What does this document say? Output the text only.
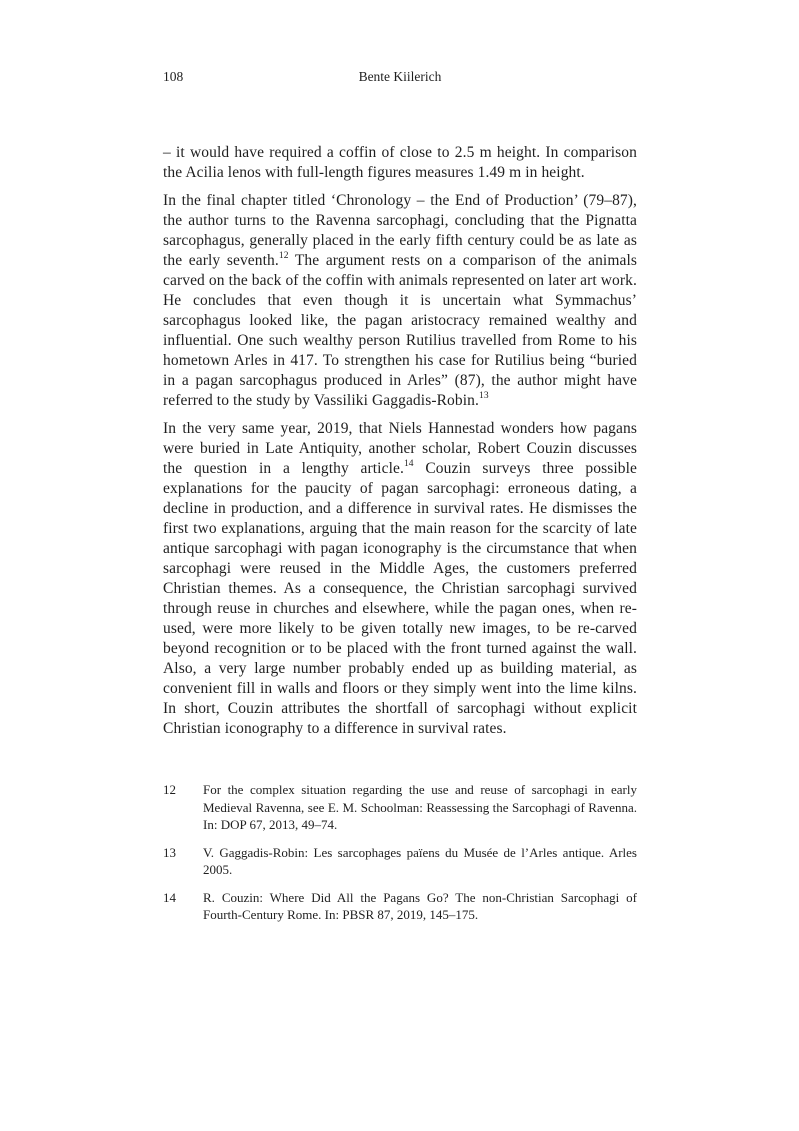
108	Bente Kiilerich

– it would have required a coffin of close to 2.5 m height. In comparison the Acilia lenos with full-length figures measures 1.49 m in height.

In the final chapter titled ‘Chronology – the End of Production’ (79–87), the author turns to the Ravenna sarcophagi, concluding that the Pignatta sarcophagus, generally placed in the early fifth century could be as late as the early seventh.$^{12}$ The argument rests on a comparison of the animals carved on the back of the coffin with animals represented on later art work. He concludes that even though it is uncertain what Symmachus’ sarcophagus looked like, the pagan aristocracy remained wealthy and influential. One such wealthy person Rutilius travelled from Rome to his hometown Arles in 417. To strengthen his case for Rutilius being “buried in a pagan sarcophagus produced in Arles” (87), the author might have referred to the study by Vassiliki Gaggadis-Robin.$^{13}$

In the very same year, 2019, that Niels Hannestad wonders how pagans were buried in Late Antiquity, another scholar, Robert Couzin discusses the question in a lengthy article.$^{14}$ Couzin surveys three possible explanations for the paucity of pagan sarcophagi: erroneous dating, a decline in production, and a difference in survival rates. He dismisses the first two explanations, arguing that the main reason for the scarcity of late antique sarcophagi with pagan iconography is the circumstance that when sarcophagi were reused in the Middle Ages, the customers preferred Christian themes. As a consequence, the Christian sarcophagi survived through reuse in churches and elsewhere, while the pagan ones, when re-used, were more likely to be given totally new images, to be re-carved beyond recognition or to be placed with the front turned against the wall. Also, a very large number probably ended up as building material, as convenient fill in walls and floors or they simply went into the lime kilns. In short, Couzin attributes the shortfall of sarcophagi without explicit Christian iconography to a difference in survival rates.

12	For the complex situation regarding the use and reuse of sarcophagi in early Medieval Ravenna, see E. M. Schoolman: Reassessing the Sarcophagi of Ravenna. In: DOP 67, 2013, 49–74.
13	V. Gaggadis-Robin: Les sarcophages païens du Musée de l’Arles antique. Arles 2005.
14	R. Couzin: Where Did All the Pagans Go? The non-Christian Sarcophagi of Fourth-Century Rome. In: PBSR 87, 2019, 145–175.
